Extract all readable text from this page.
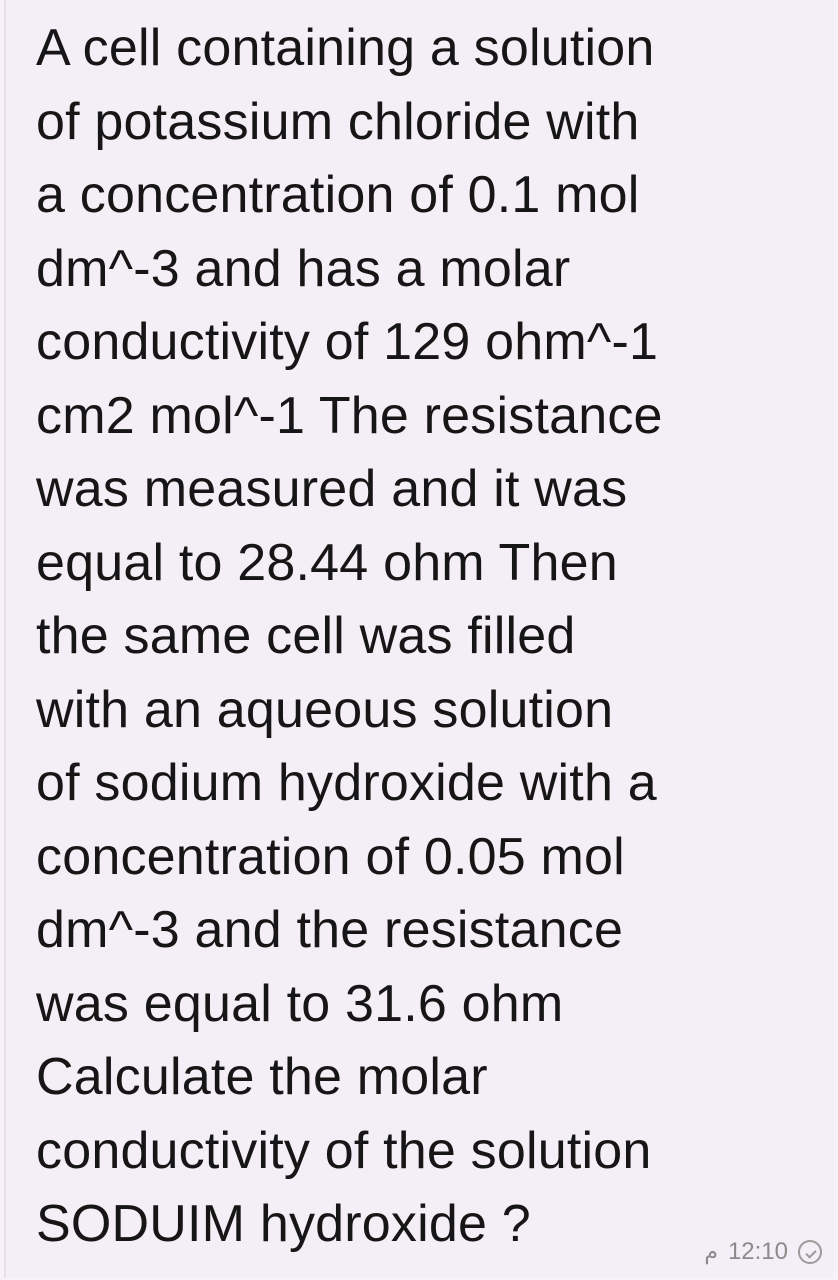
A cell containing a solution
of potassium chloride with
a concentration of 0.1 mol
dm^-3 and has a molar
conductivity of 129 ohm^-1
cm2 mol^-1 The resistance
was measured and it was
equal to 28.44 ohm Then
the same cell was filled
with an aqueous solution
of sodium hydroxide with a
concentration of 0.05 mol
dm^-3 and the resistance
was equal to 31.6 ohm
Calculate the molar
conductivity of the solution
SODUIM hydroxide ?	م 12:10
